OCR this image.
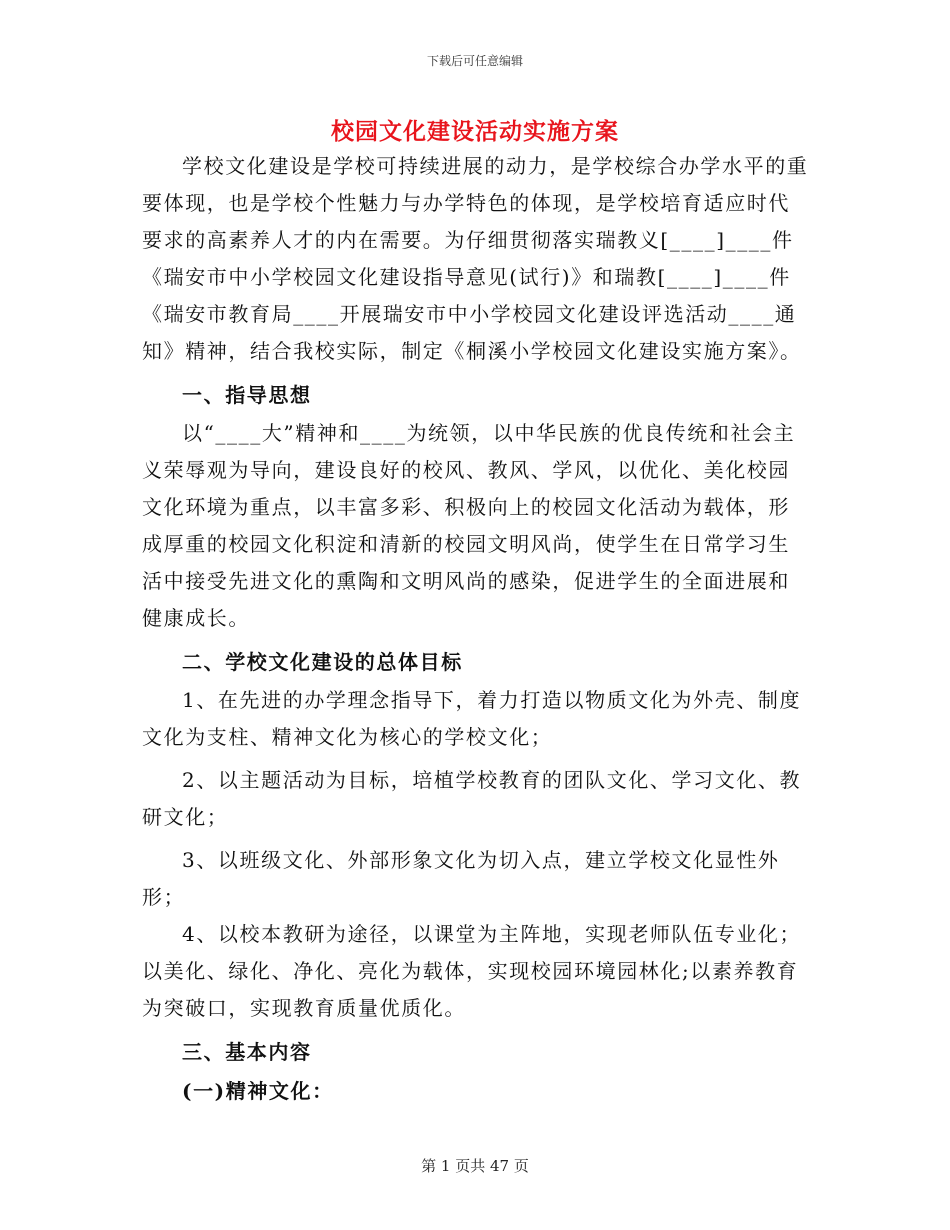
下载后可任意编辑
校园文化建设活动实施方案

学校文化建设是学校可持续进展的动力，是学校综合办学水平的重要体现，也是学校个性魅力与办学特色的体现，是学校培育适应时代要求的高素养人才的内在需要。为仔细贯彻落实瑞教义[____]____件《瑞安市中小学校园文化建设指导意见(试行)》和瑞教[____]____件《瑞安市教育局____开展瑞安市中小学校园文化建设评选活动____通知》精神，结合我校实际，制定《桐溪小学校园文化建设实施方案》。

一、指导思想

以“____大”精神和____为统领，以中华民族的优良传统和社会主义荣辱观为导向，建设良好的校风、教风、学风，以优化、美化校园文化环境为重点，以丰富多彩、积极向上的校园文化活动为载体，形成厚重的校园文化积淀和清新的校园文明风尚，使学生在日常学习生活中接受先进文化的熏陶和文明风尚的感染，促进学生的全面进展和健康成长。

二、学校文化建设的总体目标

1、在先进的办学理念指导下，着力打造以物质文化为外壳、制度文化为支柱、精神文化为核心的学校文化；

2、以主题活动为目标，培植学校教育的团队文化、学习文化、教研文化；

3、以班级文化、外部形象文化为切入点，建立学校文化显性外形；

4、以校本教研为途径，以课堂为主阵地，实现老师队伍专业化；以美化、绿化、净化、亮化为载体，实现校园环境园林化;以素养教育为突破口，实现教育质量优质化。

三、基本内容

(一)精神文化：

第 1 页共 47 页
